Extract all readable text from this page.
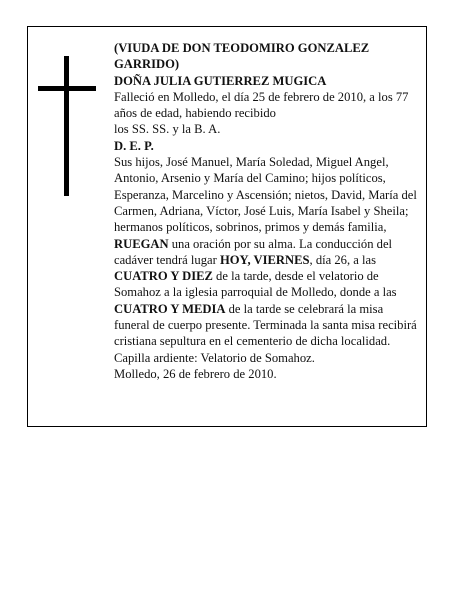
(VIUDA DE DON TEODOMIRO GONZALEZ GARRIDO)

DOÑA JULIA GUTIERREZ MUGICA

Falleció en Molledo, el día 25 de febrero de 2010, a los 77 años de edad, habiendo recibido

los SS. SS. y la B. A.

D. E. P.

Sus hijos, José Manuel, María Soledad, Miguel Angel, Antonio, Arsenio y María del Camino; hijos políticos, Esperanza, Marcelino y Ascensión; nietos, David, María del Carmen, Adriana, Víctor, José Luis, María Isabel y Sheila; hermanos políticos, sobrinos, primos y demás familia,

RUEGAN una oración por su alma. La conducción del cadáver tendrá lugar HOY, VIERNES, día 26, a las CUATRO Y DIEZ de la tarde, desde el velatorio de Somahoz a la iglesia parroquial de Molledo, donde a las CUATRO Y MEDIA de la tarde se celebrará la misa funeral de cuerpo presente. Terminada la santa misa recibirá cristiana sepultura en el cementerio de dicha localidad. Capilla ardiente: Velatorio de Somahoz.

Molledo, 26 de febrero de 2010.
